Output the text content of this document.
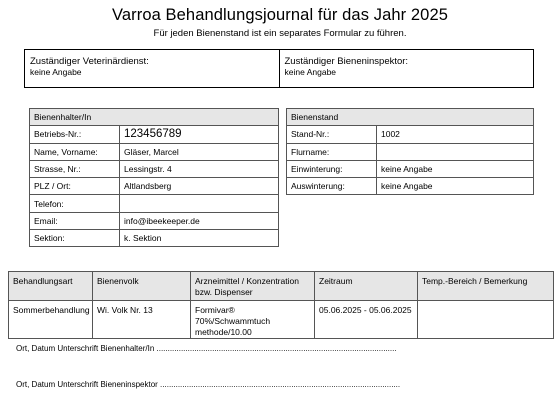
Varroa Behandlungsjournal für das Jahr 2025
Für jeden Bienenstand ist ein separates Formular zu führen.
Zuständiger Veterinärdienst:
keine Angabe
Zuständiger Bieneninspektor:
keine Angabe
Bienenhalter/In	
Betriebs-Nr.:	123456789
Name, Vorname:	Gläser, Marcel
Strasse, Nr.:	Lessingstr. 4
PLZ / Ort:	Altlandsberg
Telefon:	
Email:	info@ibeekeeper.de
Sektion:	k. Sektion
Bienenstand	
Stand-Nr.:	1002
Flurname:	
Einwinterung:	keine Angabe
Auswinterung:	keine Angabe
Behandlungsart	Bienenvolk	Arzneimittel / Konzentration bzw. Dispenser	Zeitraum	Temp.-Bereich / Bemerkung
Sommerbehandlung	Wi. Volk Nr. 13	Formivar® 70%/Schwammtuch methode/10.00	05.06.2025 - 05.06.2025	
Ort, Datum Unterschrift Bienenhalter/In ............................................................................................................
Ort, Datum Unterschrift Bieneninspektor ............................................................................................................
